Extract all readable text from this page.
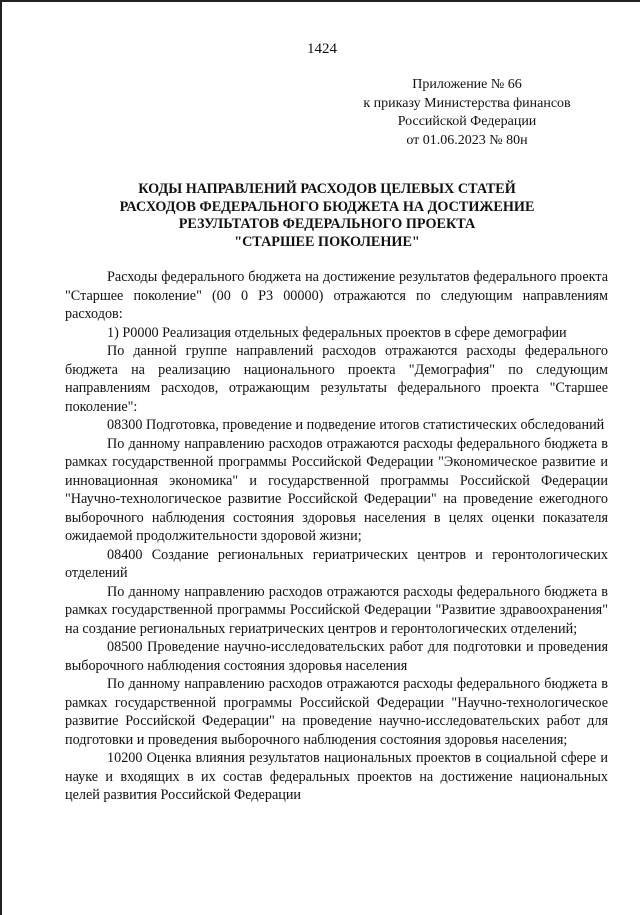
1424
Приложение № 66
к приказу Министерства финансов
Российской Федерации
от 01.06.2023 № 80н
КОДЫ НАПРАВЛЕНИЙ РАСХОДОВ ЦЕЛЕВЫХ СТАТЕЙ
РАСХОДОВ ФЕДЕРАЛЬНОГО БЮДЖЕТА НА ДОСТИЖЕНИЕ
РЕЗУЛЬТАТОВ ФЕДЕРАЛЬНОГО ПРОЕКТА
"СТАРШЕЕ ПОКОЛЕНИЕ"

Расходы федерального бюджета на достижение результатов федерального проекта "Старшее поколение" (00 0 Р3 00000) отражаются по следующим направлениям расходов:

1) Р0000 Реализация отдельных федеральных проектов в сфере демографии

По данной группе направлений расходов отражаются расходы федерального бюджета на реализацию национального проекта "Демография" по следующим направлениям расходов, отражающим результаты федерального проекта "Старшее поколение":

08300 Подготовка, проведение и подведение итогов статистических обследований

По данному направлению расходов отражаются расходы федерального бюджета в рамках государственной программы Российской Федерации "Экономическое развитие и инновационная экономика" и государственной программы Российской Федерации "Научно-технологическое развитие Российской Федерации" на проведение ежегодного выборочного наблюдения состояния здоровья населения в целях оценки показателя ожидаемой продолжительности здоровой жизни;

08400 Создание региональных гериатрических центров и геронтологических отделений

По данному направлению расходов отражаются расходы федерального бюджета в рамках государственной программы Российской Федерации "Развитие здравоохранения" на создание региональных гериатрических центров и геронтологических отделений;

08500 Проведение научно-исследовательских работ для подготовки и проведения выборочного наблюдения состояния здоровья населения

По данному направлению расходов отражаются расходы федерального бюджета в рамках государственной программы Российской Федерации "Научно-технологическое развитие Российской Федерации" на проведение научно-исследовательских работ для подготовки и проведения выборочного наблюдения состояния здоровья населения;

10200 Оценка влияния результатов национальных проектов в социальной сфере и науке и входящих в их состав федеральных проектов на достижение национальных целей развития Российской Федерации
